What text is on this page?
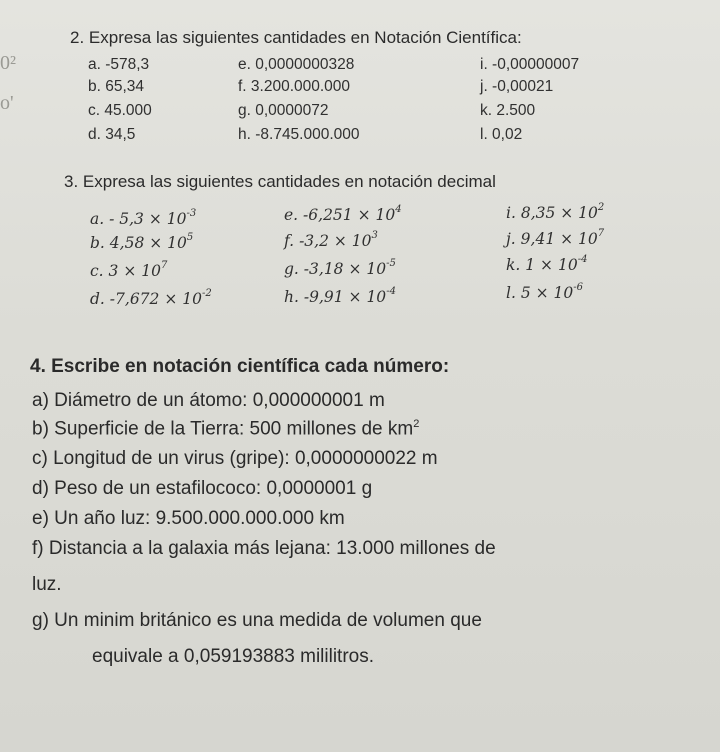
0²
o'
2. Expresa las siguientes cantidades en Notación Científica:
a. -578,3
b. 65,34
c. 45.000
d. 34,5
e. 0,0000000328
f. 3.200.000.000
g. 0,0000072
h. -8.745.000.000
i. -0,00000007
j. -0,00021
k. 2.500
l. 0,02
3. Expresa las siguientes cantidades en notación decimal
a. - $5,3 \times 10^{-3}$
b. $4,58 \times 10^5$
c. $3 \times 10^7$
d. $-7,672 \times 10^{-2}$
e. $-6,251 \times 10^4$
f. $-3,2 \times 10^3$
g. $-3,18 \times 10^{-5}$
h. $-9,91 \times 10^{-4}$
i. $8,35 \times 10^2$
j. $9,41 \times 10^7$
k. $1 \times 10^{-4}$
l. $5 \times 10^{-6}$
4. Escribe en notación científica cada número:
a) Diámetro de un átomo: 0,000000001 m
b) Superficie de la Tierra: 500 millones de $km^2$
c) Longitud de un virus (gripe): 0,0000000022 m
d) Peso de un estafilococo: 0,0000001 g
e) Un año luz: 9.500.000.000.000 km
f) Distancia a la galaxia más lejana: 13.000 millones de
luz.
g) Un minim británico es una medida de volumen que
equivale a 0,059193883 mililitros.
